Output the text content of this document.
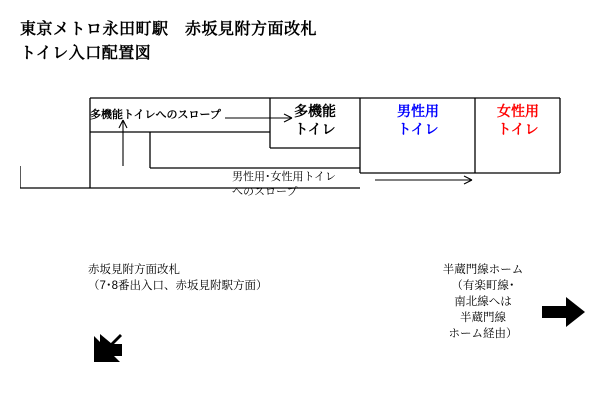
東京メトロ永田町駅　赤坂見附方面改札
トイレ入口配置図
多機能
トイレ
男性用
トイレ
女性用
トイレ
多機能トイレへのスロープ
男性用･女性用トイレ
へのスロープ
赤坂見附方面改札
（7･8番出入口、赤坂見附駅方面）
半蔵門線ホーム
（有楽町線･
南北線へは
半蔵門線
ホーム経由）
